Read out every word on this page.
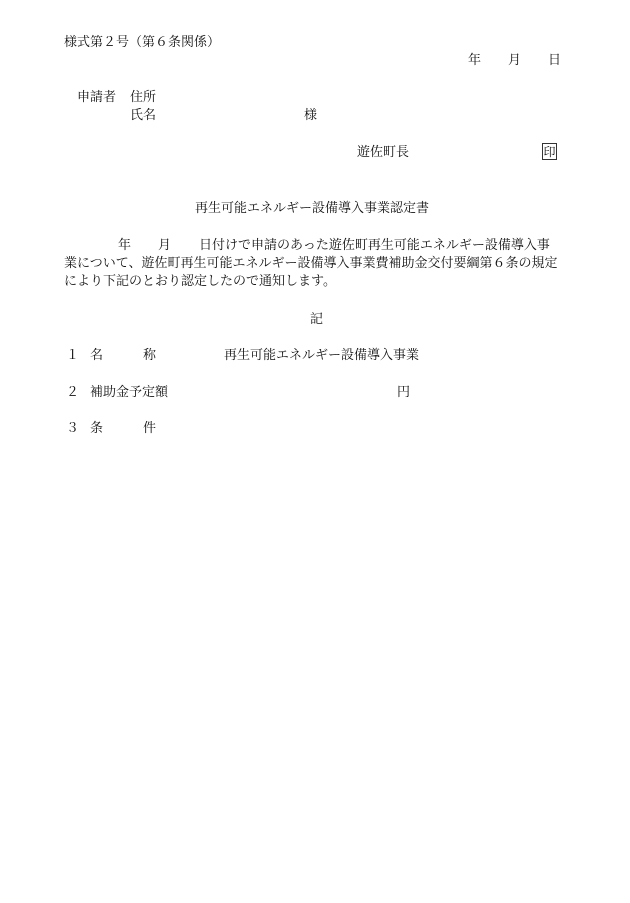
様式第２号（第６条関係）
年 月 日
申請者 住所
氏名	様
遊佐町長	印
再生可能エネルギー設備導入事業認定書
年 月 日付けで申請のあった遊佐町再生可能エネルギー設備導入事
業について、遊佐町再生可能エネルギー設備導入事業費補助金交付要綱第６条の規定
により下記のとおり認定したので通知します。
記
１ 名	称	再生可能エネルギー設備導入事業
２ 補助金予定額	円
３ 条	件
